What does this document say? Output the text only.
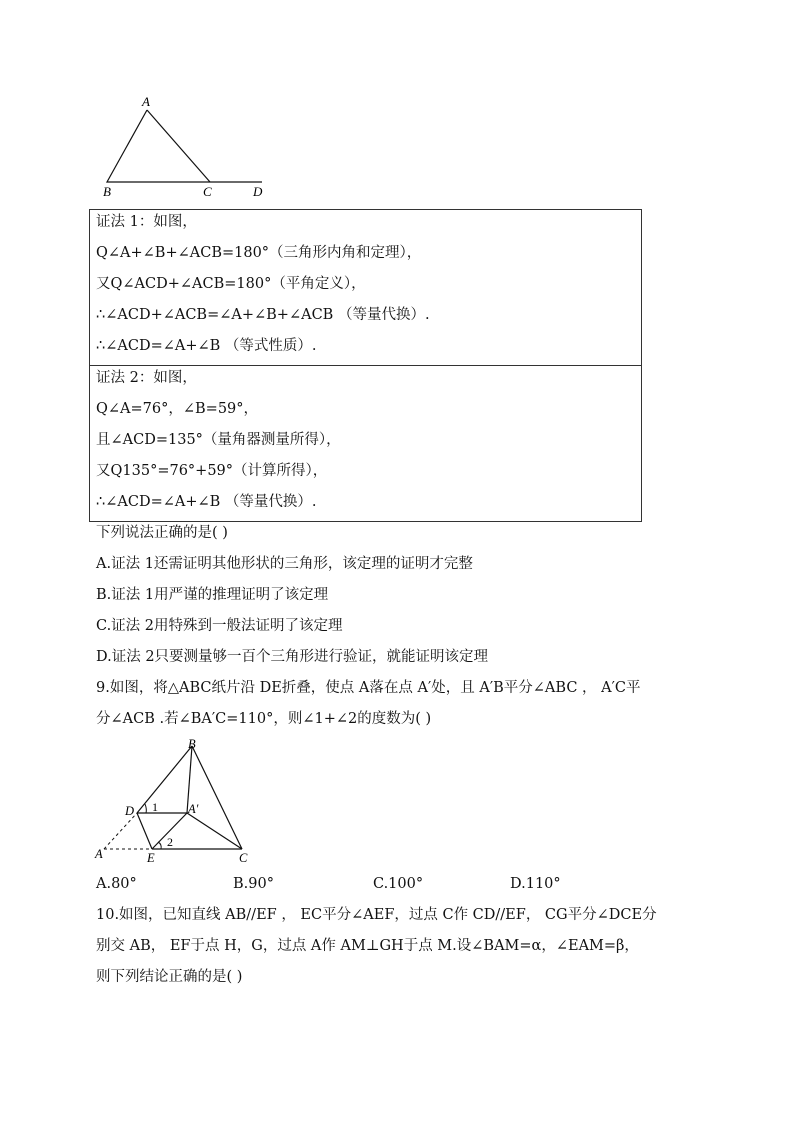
A
B	C	D
证法 1：如图，
Q∠A+∠B+∠ACB=180°（三角形内角和定理），
又Q∠ACD+∠ACB=180°（平角定义），
∴∠ACD+∠ACB=∠A+∠B+∠ACB （等量代换）.
∴∠ACD=∠A+∠B （等式性质）.
证法 2：如图，
Q∠A=76°，∠B=59°，
且∠ACD=135°（量角器测量所得），
又Q135°=76°+59°（计算所得），
∴∠ACD=∠A+∠B （等量代换）.
下列说法正确的是( )
A.证法 1还需证明其他形状的三角形，该定理的证明才完整
B.证法 1用严谨的推理证明了该定理
C.证法 2用特殊到一般法证明了该定理
D.证法 2只要测量够一百个三角形进行验证，就能证明该定理
9.如图，将△ABC纸片沿 DE折叠，使点 A落在点 A′处，且 A′B平分∠ABC ， A′C平
分∠ACB .若∠BA′C=110°，则∠1+∠2的度数为( )
B
D
A	E	C
A′
1
2
A.80°	B.90°	C.100°	D.110°
10.如图，已知直线 AB//EF ， EC平分∠AEF，过点 C作 CD//EF， CG平分∠DCE分
别交 AB， EF于点 H，G，过点 A作 AM⊥GH于点 M.设∠BAM=α，∠EAM=β，
则下列结论正确的是( )
